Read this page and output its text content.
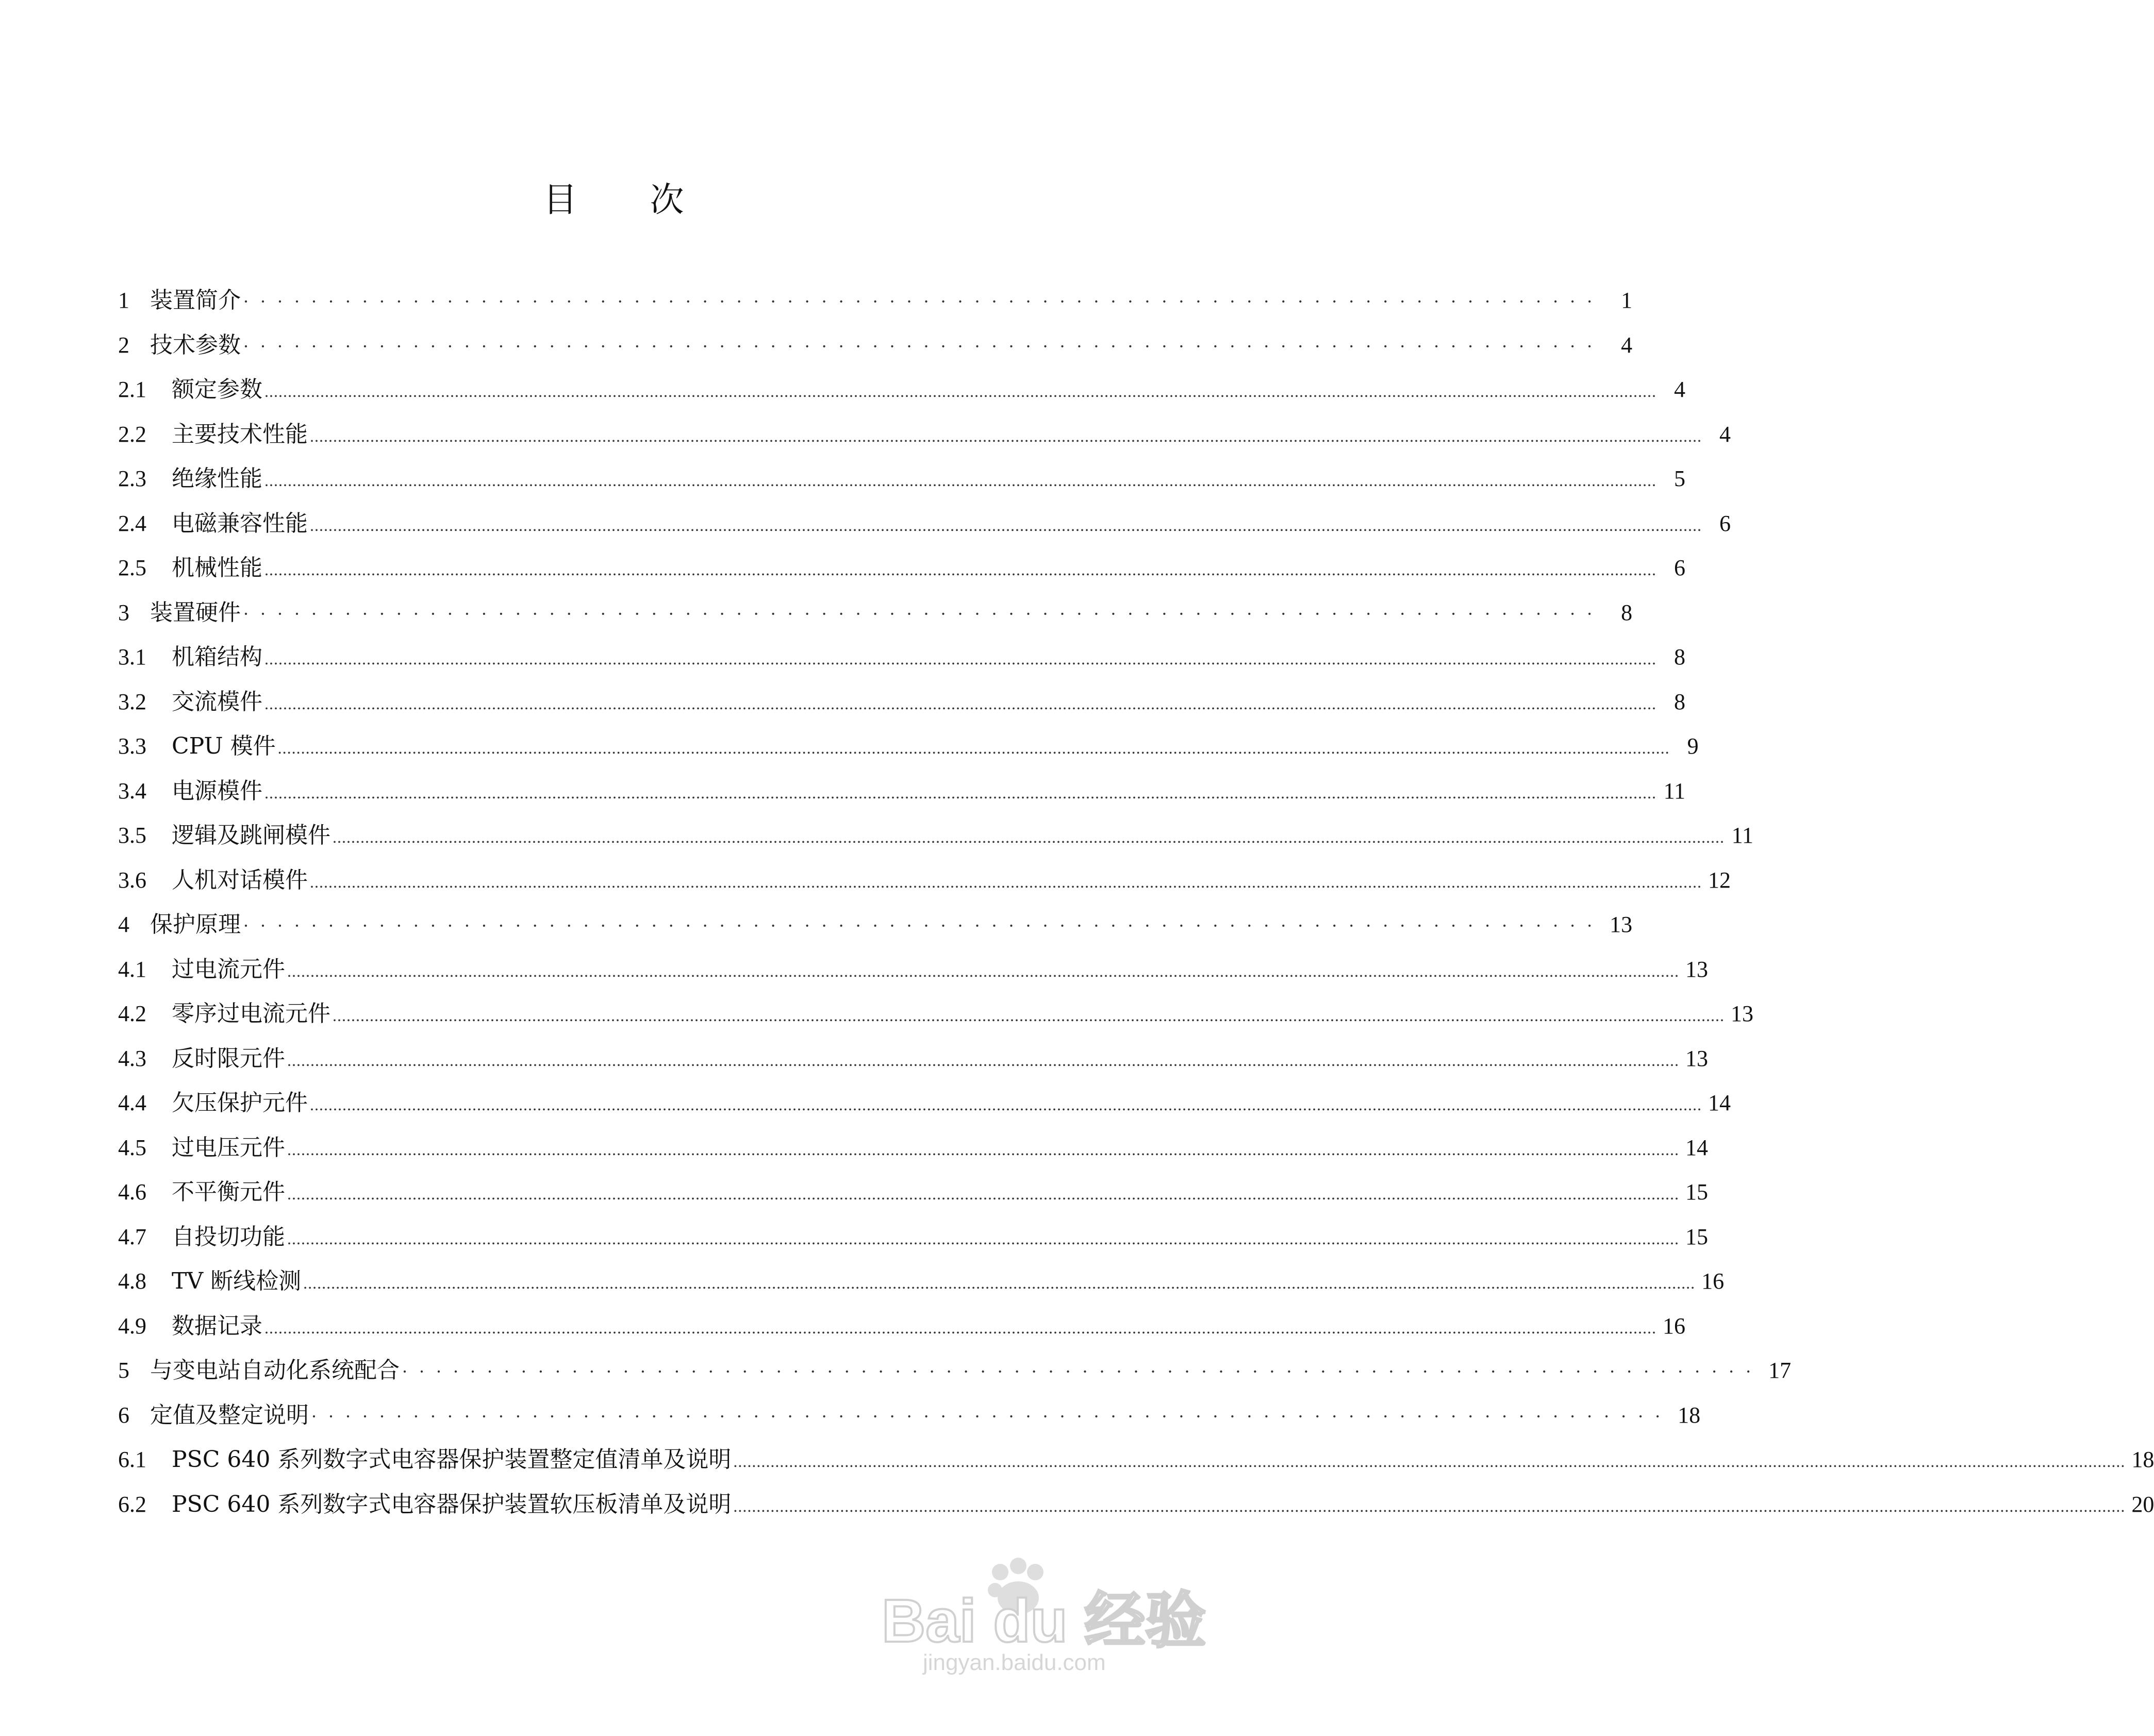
目 次
1 装置简介 ················································································ 1
2 技术参数 ················································································ 4
2.1	额定参数 ............................................................................................................................................................................................................................................................................................................ 4
2.2	主要技术性能 ............................................................................................................................................................................................................................................................................................................ 4
2.3	绝缘性能 ............................................................................................................................................................................................................................................................................................................ 5
2.4	电磁兼容性能 ............................................................................................................................................................................................................................................................................................................ 6
2.5	机械性能 ............................................................................................................................................................................................................................................................................................................ 6
3 装置硬件 ················································································ 8
3.1	机箱结构 ............................................................................................................................................................................................................................................................................................................ 8
3.2	交流模件 ............................................................................................................................................................................................................................................................................................................ 8
3.3	CPU 模件 ............................................................................................................................................................................................................................................................................................................ 9
3.4	电源模件 ............................................................................................................................................................................................................................................................................................................ 11
3.5	逻辑及跳闸模件 ............................................................................................................................................................................................................................................................................................................ 11
3.6	人机对话模件 ............................................................................................................................................................................................................................................................................................................ 12
4 保护原理 ················································································ 13
4.1	过电流元件 ............................................................................................................................................................................................................................................................................................................ 13
4.2	零序过电流元件 ............................................................................................................................................................................................................................................................................................................ 13
4.3	反时限元件 ............................................................................................................................................................................................................................................................................................................ 13
4.4	欠压保护元件 ............................................................................................................................................................................................................................................................................................................ 14
4.5	过电压元件 ............................................................................................................................................................................................................................................................................................................ 14
4.6	不平衡元件 ............................................................................................................................................................................................................................................................................................................ 15
4.7	自投切功能 ............................................................................................................................................................................................................................................................................................................ 15
4.8	TV 断线检测 ............................................................................................................................................................................................................................................................................................................ 16
4.9	数据记录 ............................................................................................................................................................................................................................................................................................................ 16
5 与变电站自动化系统配合 ················································································ 17
6 定值及整定说明 ················································································ 18
6.1	PSC 640 系列数字式电容器保护装置整定值清单及说明 ............................................................................................................................................................................................................................................................................................................ 18
6.2	PSC 640 系列数字式电容器保护装置软压板清单及说明 ............................................................................................................................................................................................................................................................................................................ 20
Bai du 经验
jingyan.baidu.com
